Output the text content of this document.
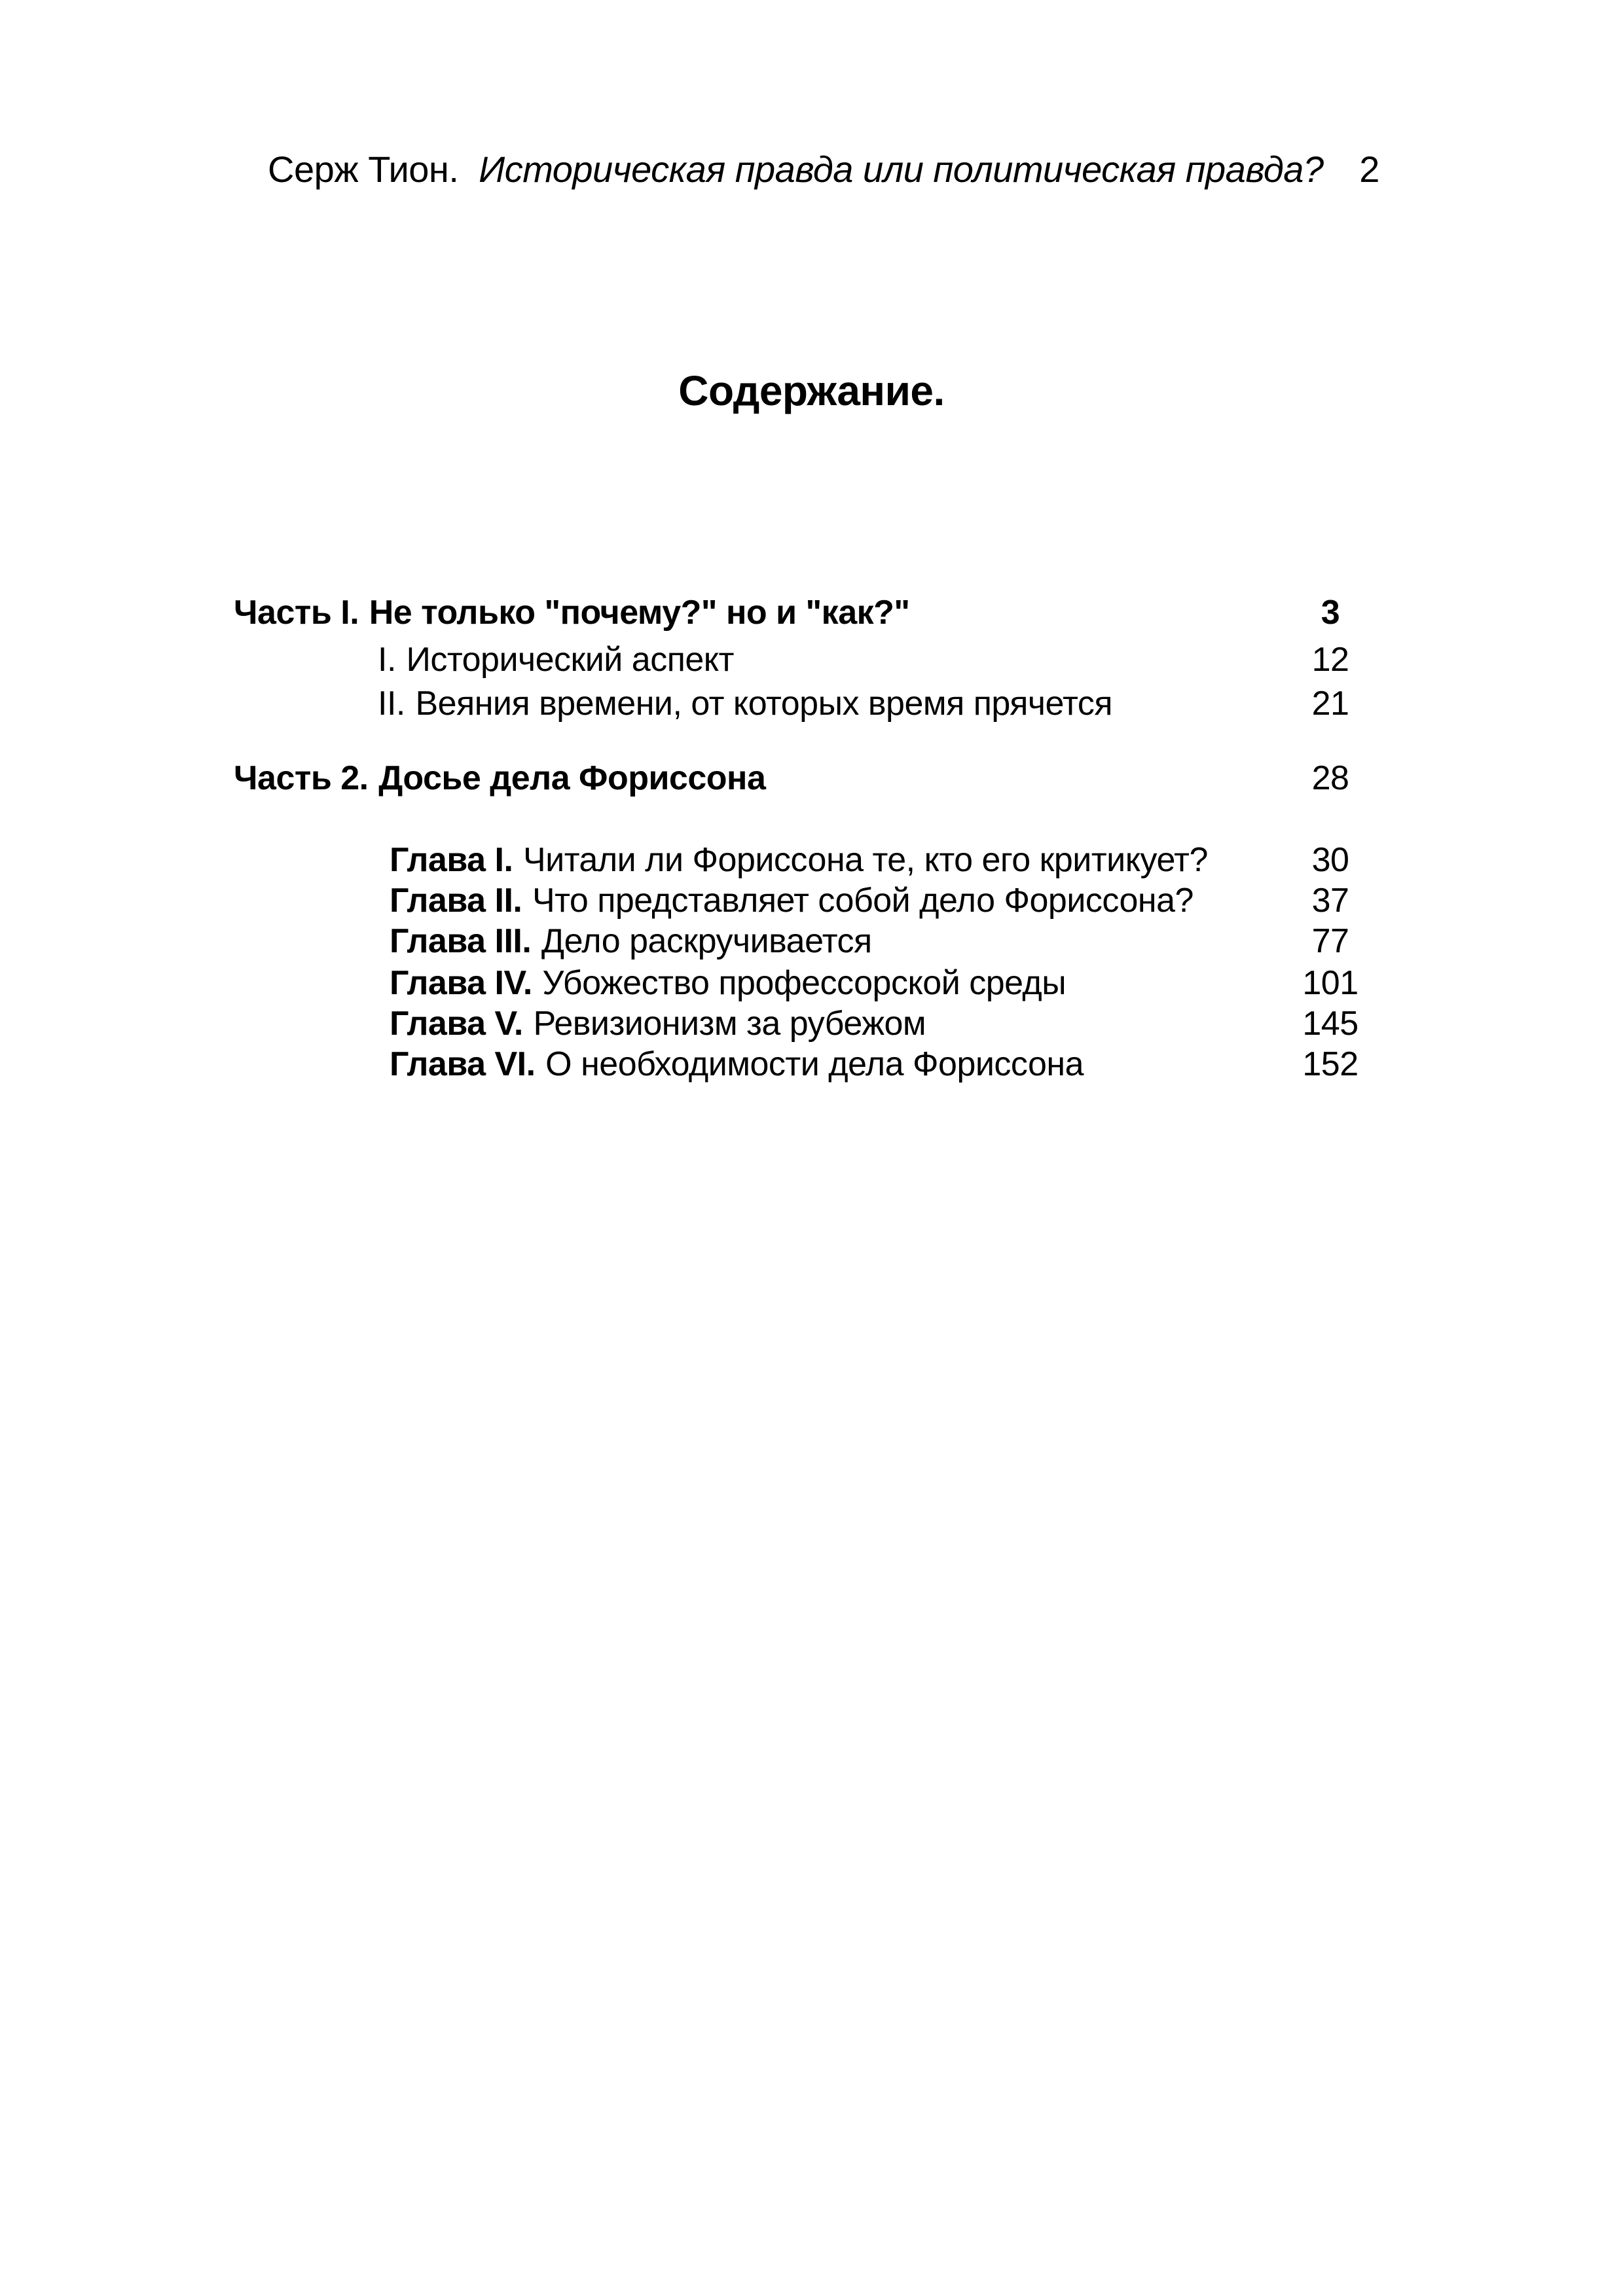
Серж Тион. Историческая правда или политическая правда? 2
Содержание.
Часть I. Не только "почему?" но и "как?"	3
I. Исторический аспект	12
II. Веяния времени, от которых время прячется	21
Часть 2. Досье дела Фориссона	28
Глава I. Читали ли Фориссона те, кто его критикует?	30
Глава II. Что представляет собой дело Фориссона?	37
Глава III. Дело раскручивается	77
Глава IV. Убожество профессорской среды	101
Глава V. Ревизионизм за рубежом	145
Глава VI. О необходимости дела Фориссона	152
